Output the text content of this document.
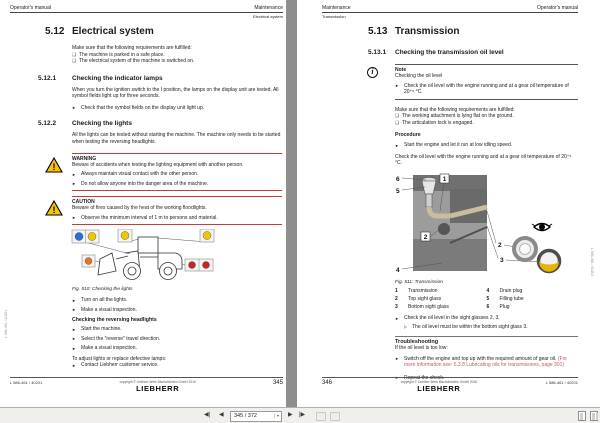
Operator's manual	Maintenance
Electrical system
5.12 Electrical system
Make sure that the following requirements are fulfilled:
❑ The machine is parked in a safe place.
❑ The electrical system of the machine is switched on.
5.12.1	Checking the indicator lamps
When you turn the ignition switch to the I position, the lamps on the display unit are tested. All symbol fields light up for three seconds.
► Check that the symbol fields on the display unit light up.
5.12.2	Checking the lights
All the lights can be tested without starting the machine. The machine only needs to be started when testing the reversing headlights.
!
WARNING
Beware of accidents when testing the lighting equipment with another person.
► Always maintain visual contact with the other person.
► Do not allow anyone into the danger area of the machine.
!
CAUTION
Beware of fires caused by the heat of the working floodlights.
► Observe the minimum interval of 1 m to persons and material.
Fig. 510: Checking the lights
► Turn on all the lights.
► Make a visual inspection.
Checking the reversing headlights
► Start the machine.
► Select the "reverse" travel direction.
► Make a visual inspection.
To adjust lights or replace defective lamps:
► Contact Liebherr customer service.
L 586-461 / 40201	copyright © Liebherr-Werk Bischofshofen GmbH 2016
LIEBHERR
345
L 586-461 / 40201
Maintenance	Operator's manual
Transmission
5.13 Transmission
5.13.1	Checking the transmission oil level
i	Note
Checking the oil level
► Check the oil level with the engine running and at a gear oil temperature of 20⁺⁵ °C.
Make sure that the following requirements are fulfilled:
❑ The working attachment is lying flat on the ground.
❑ The articulation lock is engaged.
Procedure
► Start the engine and let it run at low idling speed.
Check the oil level with the engine running and at a gear oil temperature of 20⁺⁵ °C.
1
2
6
5
4
2
3
Fig. 511: Transmission
1	Transmission
2	Top sight glass
3	Bottom sight glass
4	Drain plug
5	Filling tube
6	Plug
► Check the oil level in the sight glasses 2, 3.
▷ The oil level must be within the bottom sight glass 3.
Troubleshooting
If the oil level is too low:
► Switch off the engine and top up with the required amount of gear oil. (For more information see: 5.3.8 Lubricating oils for transmissions, page 301)
► Repeat the check.
346	copyright © Liebherr-Werk Bischofshofen GmbH 2016
LIEBHERR
L 586-461 / 40201
L 586-461 / 40201
◀| ◀	345 / 372	▼ ▶ |▶
